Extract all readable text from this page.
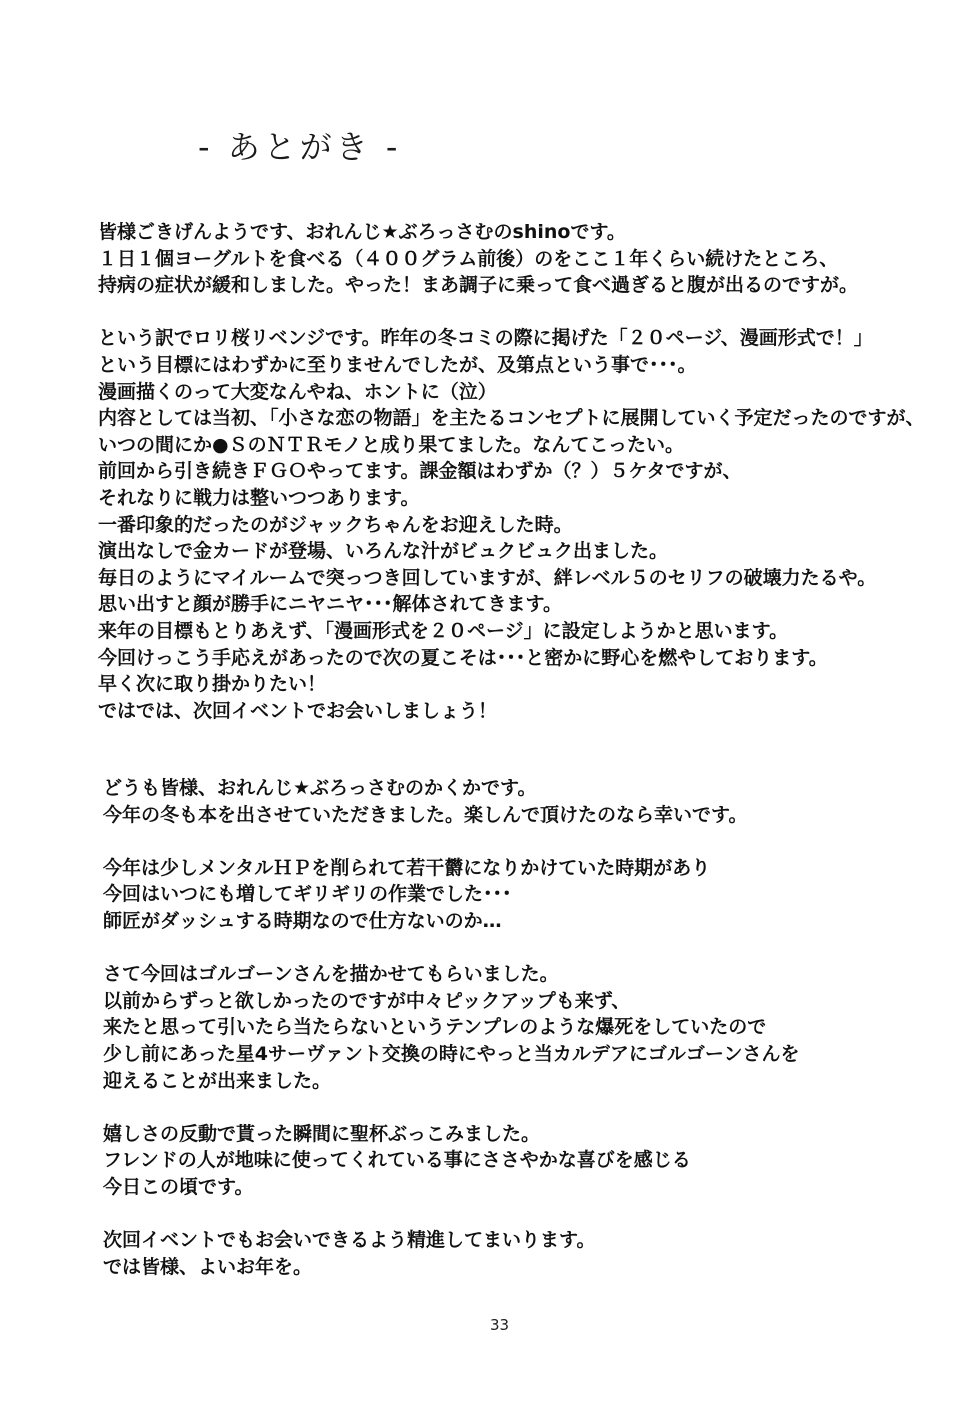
- あとがき -
皆様ごきげんようです、おれんじ★ぶろっさむのshinoです。
１日１個ヨーグルトを食べる（４００グラム前後）のをここ１年くらい続けたところ、
持病の症状が緩和しました。やった！まあ調子に乗って食べ過ぎると腹が出るのですが。
という訳でロリ桜リベンジです。昨年の冬コミの際に掲げた「２０ページ、漫画形式で！」
という目標にはわずかに至りませんでしたが、及第点という事で･･･。
漫画描くのって大変なんやね、ホントに（泣）
内容としては当初、「小さな恋の物語」を主たるコンセプトに展開していく予定だったのですが、
いつの間にか●ＳのＮＴＲモノと成り果てました。なんてこったい。
前回から引き続きＦＧＯやってます。課金額はわずか（？）５ケタですが、
それなりに戦力は整いつつあります。
一番印象的だったのがジャックちゃんをお迎えした時。
演出なしで金カードが登場、いろんな汁がビュクビュク出ました。
毎日のようにマイルームで突っつき回していますが、絆レベル５のセリフの破壊力たるや。
思い出すと顔が勝手にニヤニヤ･･･解体されてきます。
来年の目標もとりあえず、「漫画形式を２０ページ」に設定しようかと思います。
今回けっこう手応えがあったので次の夏こそは･･･と密かに野心を燃やしております。
早く次に取り掛かりたい！
ではでは、次回イベントでお会いしましょう！
どうも皆様、おれんじ★ぶろっさむのかくかです。
今年の冬も本を出させていただきました。楽しんで頂けたのなら幸いです。
今年は少しメンタルＨＰを削られて若干欝になりかけていた時期があり
今回はいつにも増してギリギリの作業でした･･･
師匠がダッシュする時期なので仕方ないのか…
さて今回はゴルゴーンさんを描かせてもらいました。
以前からずっと欲しかったのですが中々ピックアップも来ず、
来たと思って引いたら当たらないというテンプレのような爆死をしていたので
少し前にあった星4サーヴァント交換の時にやっと当カルデアにゴルゴーンさんを
迎えることが出来ました。
嬉しさの反動で貰った瞬間に聖杯ぶっこみました。
フレンドの人が地味に使ってくれている事にささやかな喜びを感じる
今日この頃です。
次回イベントでもお会いできるよう精進してまいります。
では皆様、よいお年を。
33
